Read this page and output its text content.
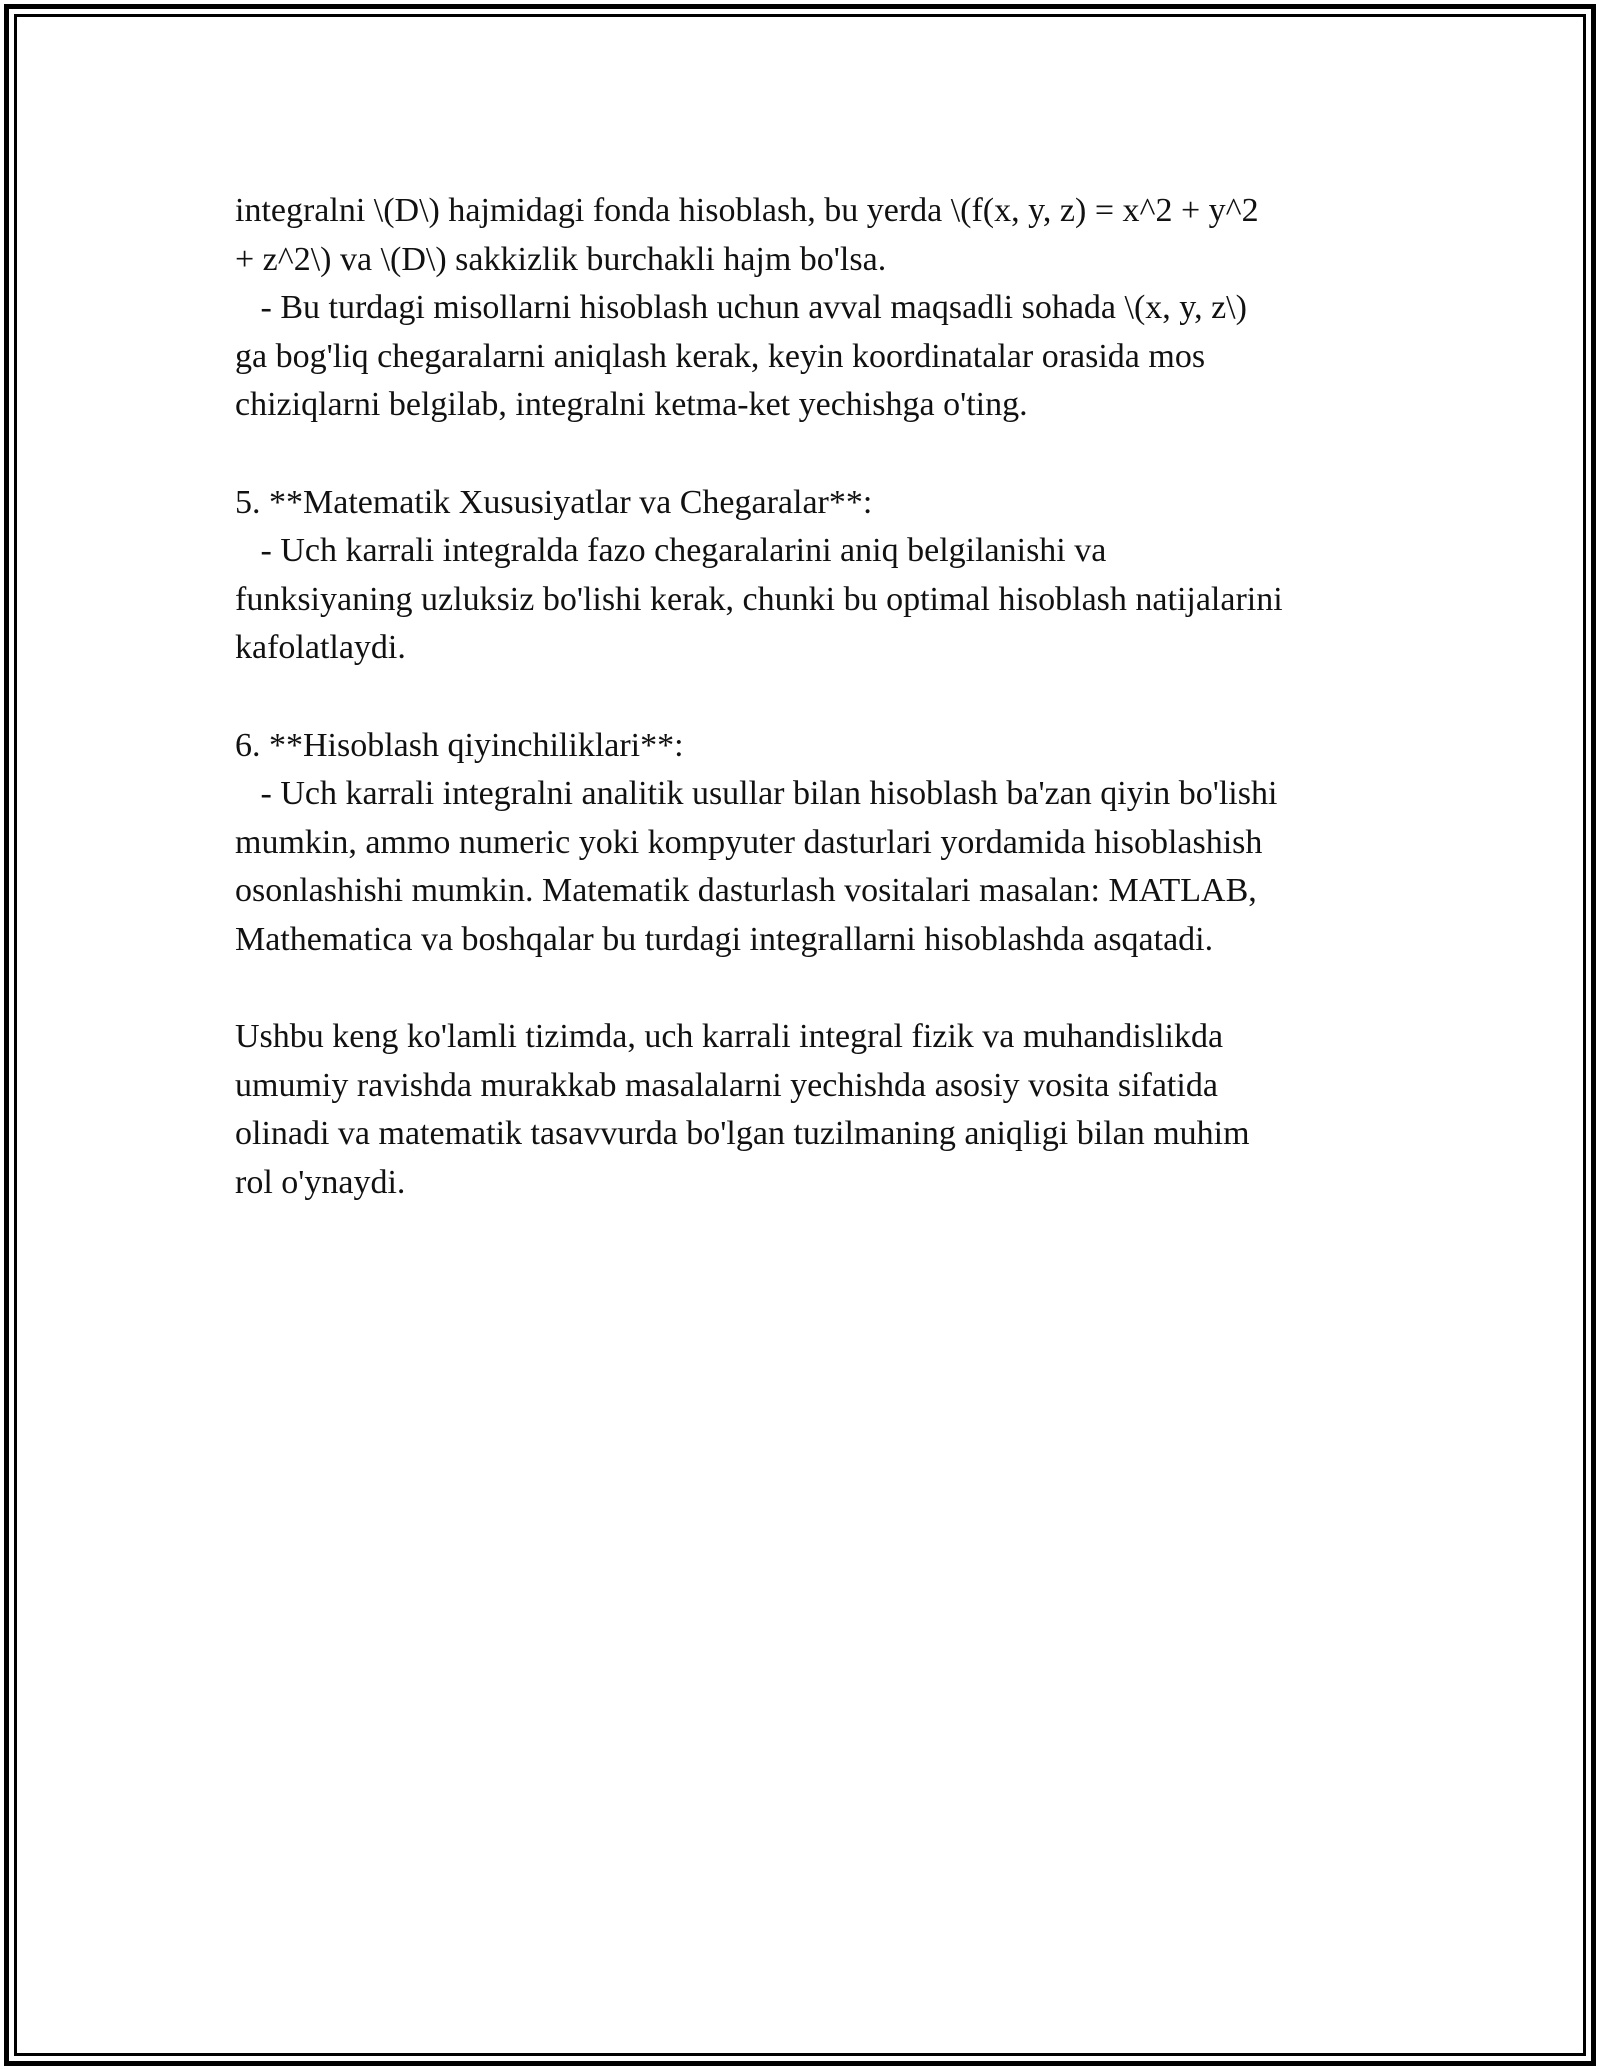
integralni \(D\) hajmidagi fonda hisoblash, bu yerda \(f(x, y, z) = x^2 + y^2
+ z^2\) va \(D\) sakkizlik burchakli hajm bo'lsa.
- Bu turdagi misollarni hisoblash uchun avval maqsadli sohada \(x, y, z\)
ga bog'liq chegaralarni aniqlash kerak, keyin koordinatalar orasida mos
chiziqlarni belgilab, integralni ketma-ket yechishga o'ting.
5. **Matematik Xususiyatlar va Chegaralar**:
- Uch karrali integralda fazo chegaralarini aniq belgilanishi va
funksiyaning uzluksiz bo'lishi kerak, chunki bu optimal hisoblash natijalarini
kafolatlaydi.
6. **Hisoblash qiyinchiliklari**:
- Uch karrali integralni analitik usullar bilan hisoblash ba'zan qiyin bo'lishi
mumkin, ammo numeric yoki kompyuter dasturlari yordamida hisoblashish
osonlashishi mumkin. Matematik dasturlash vositalari masalan: MATLAB,
Mathematica va boshqalar bu turdagi integrallarni hisoblashda asqatadi.
Ushbu keng ko'lamli tizimda, uch karrali integral fizik va muhandislikda
umumiy ravishda murakkab masalalarni yechishda asosiy vosita sifatida
olinadi va matematik tasavvurda bo'lgan tuzilmaning aniqligi bilan muhim
rol o'ynaydi.
